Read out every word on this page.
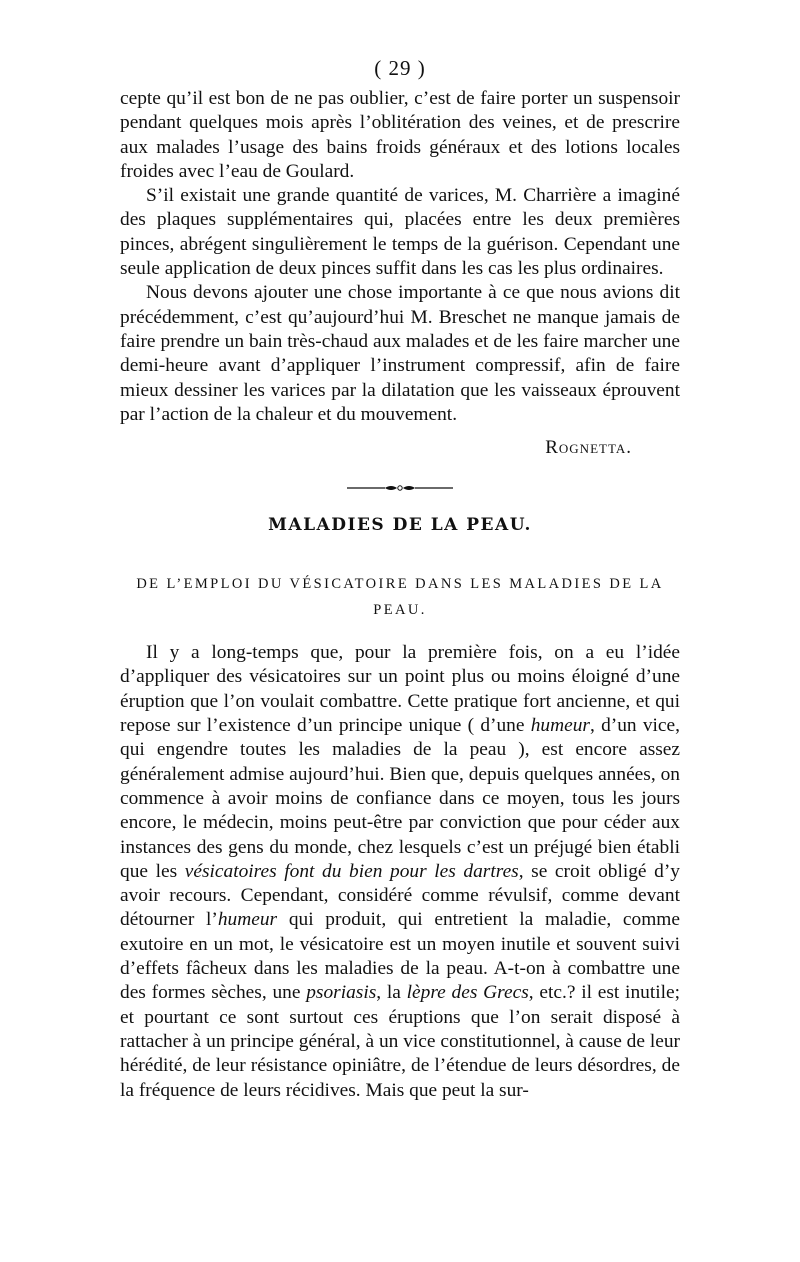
( 29 )

cepte qu’il est bon de ne pas oublier, c’est de faire porter un suspensoir pendant quelques mois après l’oblitération des veines, et de prescrire aux malades l’usage des bains froids généraux et des lotions locales froides avec l’eau de Goulard.

S’il existait une grande quantité de varices, M. Charrière a imaginé des plaques supplémentaires qui, placées entre les deux premières pinces, abrégent singulièrement le temps de la guérison. Cependant une seule application de deux pinces suffit dans les cas les plus ordinaires.

Nous devons ajouter une chose importante à ce que nous avions dit précédemment, c’est qu’aujourd’hui M. Breschet ne manque jamais de faire prendre un bain très-chaud aux malades et de les faire marcher une demi-heure avant d’appliquer l’instrument compressif, afin de faire mieux dessiner les varices par la dilatation que les vaisseaux éprouvent par l’action de la chaleur et du mouvement.

Rognetta.
MALADIES DE LA PEAU.
DE L’EMPLOI DU VÉSICATOIRE DANS LES MALADIES DE LA PEAU.

Il y a long-temps que, pour la première fois, on a eu l’idée d’appliquer des vésicatoires sur un point plus ou moins éloigné d’une éruption que l’on voulait combattre. Cette pratique fort ancienne, et qui repose sur l’existence d’un principe unique ( d’une humeur, d’un vice, qui engendre toutes les maladies de la peau ), est encore assez généralement admise aujourd’hui. Bien que, depuis quelques années, on commence à avoir moins de confiance dans ce moyen, tous les jours encore, le médecin, moins peut-être par conviction que pour céder aux instances des gens du monde, chez lesquels c’est un préjugé bien établi que les vésicatoires font du bien pour les dartres, se croit obligé d’y avoir recours. Cependant, considéré comme révulsif, comme devant détourner l’humeur qui produit, qui entretient la maladie, comme exutoire en un mot, le vésicatoire est un moyen inutile et souvent suivi d’effets fâcheux dans les maladies de la peau. A-t-on à combattre une des formes sèches, une psoriasis, la lèpre des Grecs, etc.? il est inutile; et pourtant ce sont surtout ces éruptions que l’on serait disposé à rattacher à un principe général, à un vice constitutionnel, à cause de leur hérédité, de leur résistance opiniâtre, de l’étendue de leurs désordres, de la fréquence de leurs récidives. Mais que peut la sur-
